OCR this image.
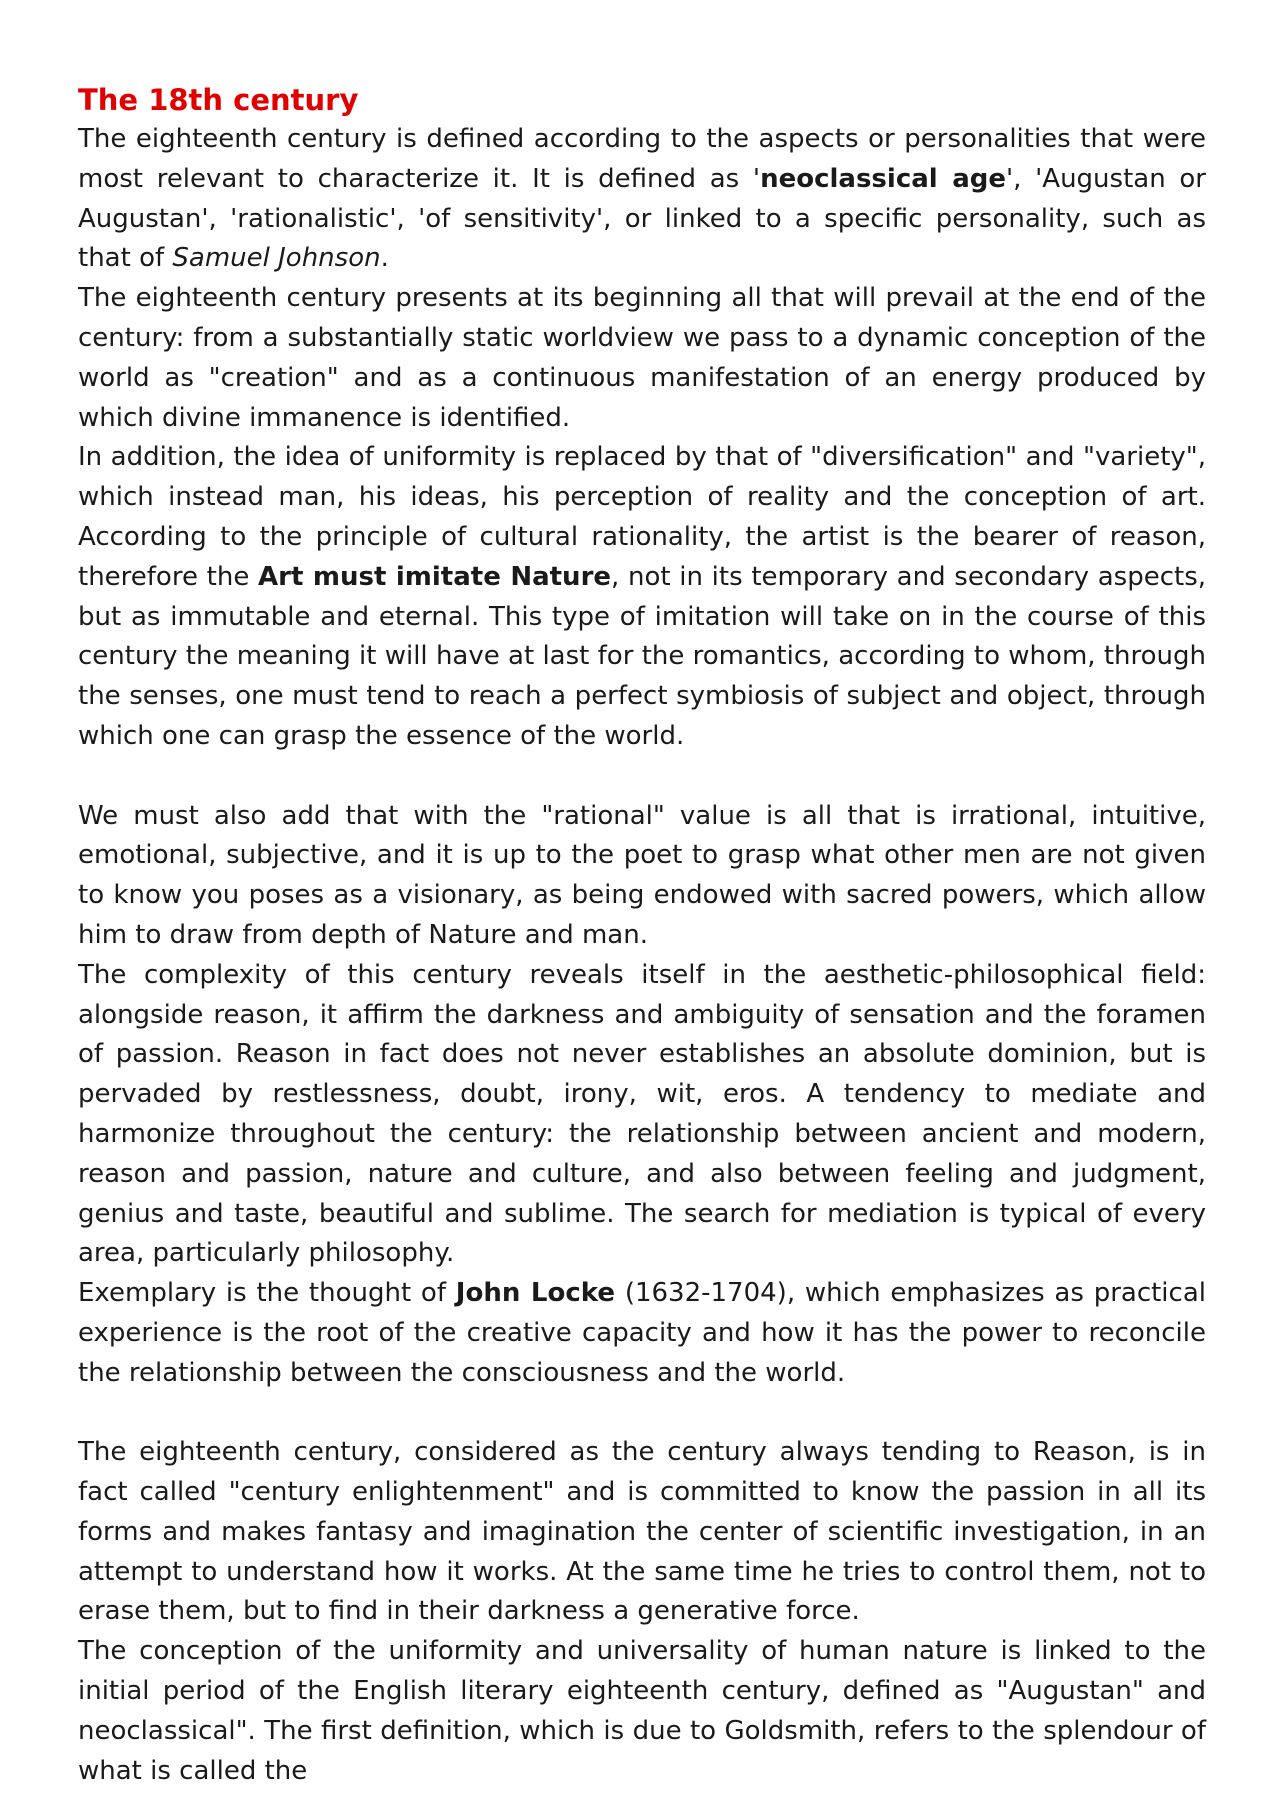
The 18th century

The eighteenth century is defined according to the aspects or personalities that were most relevant to characterize it. It is defined as 'neoclassical age', 'Augustan or Augustan', 'rationalistic', 'of sensitivity', or linked to a specific personality, such as that of Samuel Johnson.

The eighteenth century presents at its beginning all that will prevail at the end of the century: from a substantially static worldview we pass to a dynamic conception of the world as "creation" and as a continuous manifestation of an energy produced by which divine immanence is identified.

In addition, the idea of uniformity is replaced by that of "diversification" and "variety", which instead man, his ideas, his perception of reality and the conception of art. According to the principle of cultural rationality, the artist is the bearer of reason, therefore the Art must imitate Nature, not in its temporary and secondary aspects, but as immutable and eternal. This type of imitation will take on in the course of this century the meaning it will have at last for the romantics, according to whom, through the senses, one must tend to reach a perfect symbiosis of subject and object, through which one can grasp the essence of the world.

We must also add that with the "rational" value is all that is irrational, intuitive, emotional, subjective, and it is up to the poet to grasp what other men are not given to know you poses as a visionary, as being endowed with sacred powers, which allow him to draw from depth of Nature and man.

The complexity of this century reveals itself in the aesthetic-philosophical field: alongside reason, it affirm the darkness and ambiguity of sensation and the foramen of passion. Reason in fact does not never establishes an absolute dominion, but is pervaded by restlessness, doubt, irony, wit, eros. A tendency to mediate and harmonize throughout the century: the relationship between ancient and modern, reason and passion, nature and culture, and also between feeling and judgment, genius and taste, beautiful and sublime. The search for mediation is typical of every area, particularly philosophy.

Exemplary is the thought of John Locke (1632-1704), which emphasizes as practical experience is the root of the creative capacity and how it has the power to reconcile the relationship between the consciousness and the world.

The eighteenth century, considered as the century always tending to Reason, is in fact called "century enlightenment" and is committed to know the passion in all its forms and makes fantasy and imagination the center of scientific investigation, in an attempt to understand how it works. At the same time he tries to control them, not to erase them, but to find in their darkness a generative force.

The conception of the uniformity and universality of human nature is linked to the initial period of the English literary eighteenth century, defined as "Augustan" and neoclassical". The first definition, which is due to Goldsmith, refers to the splendour of what is called the
